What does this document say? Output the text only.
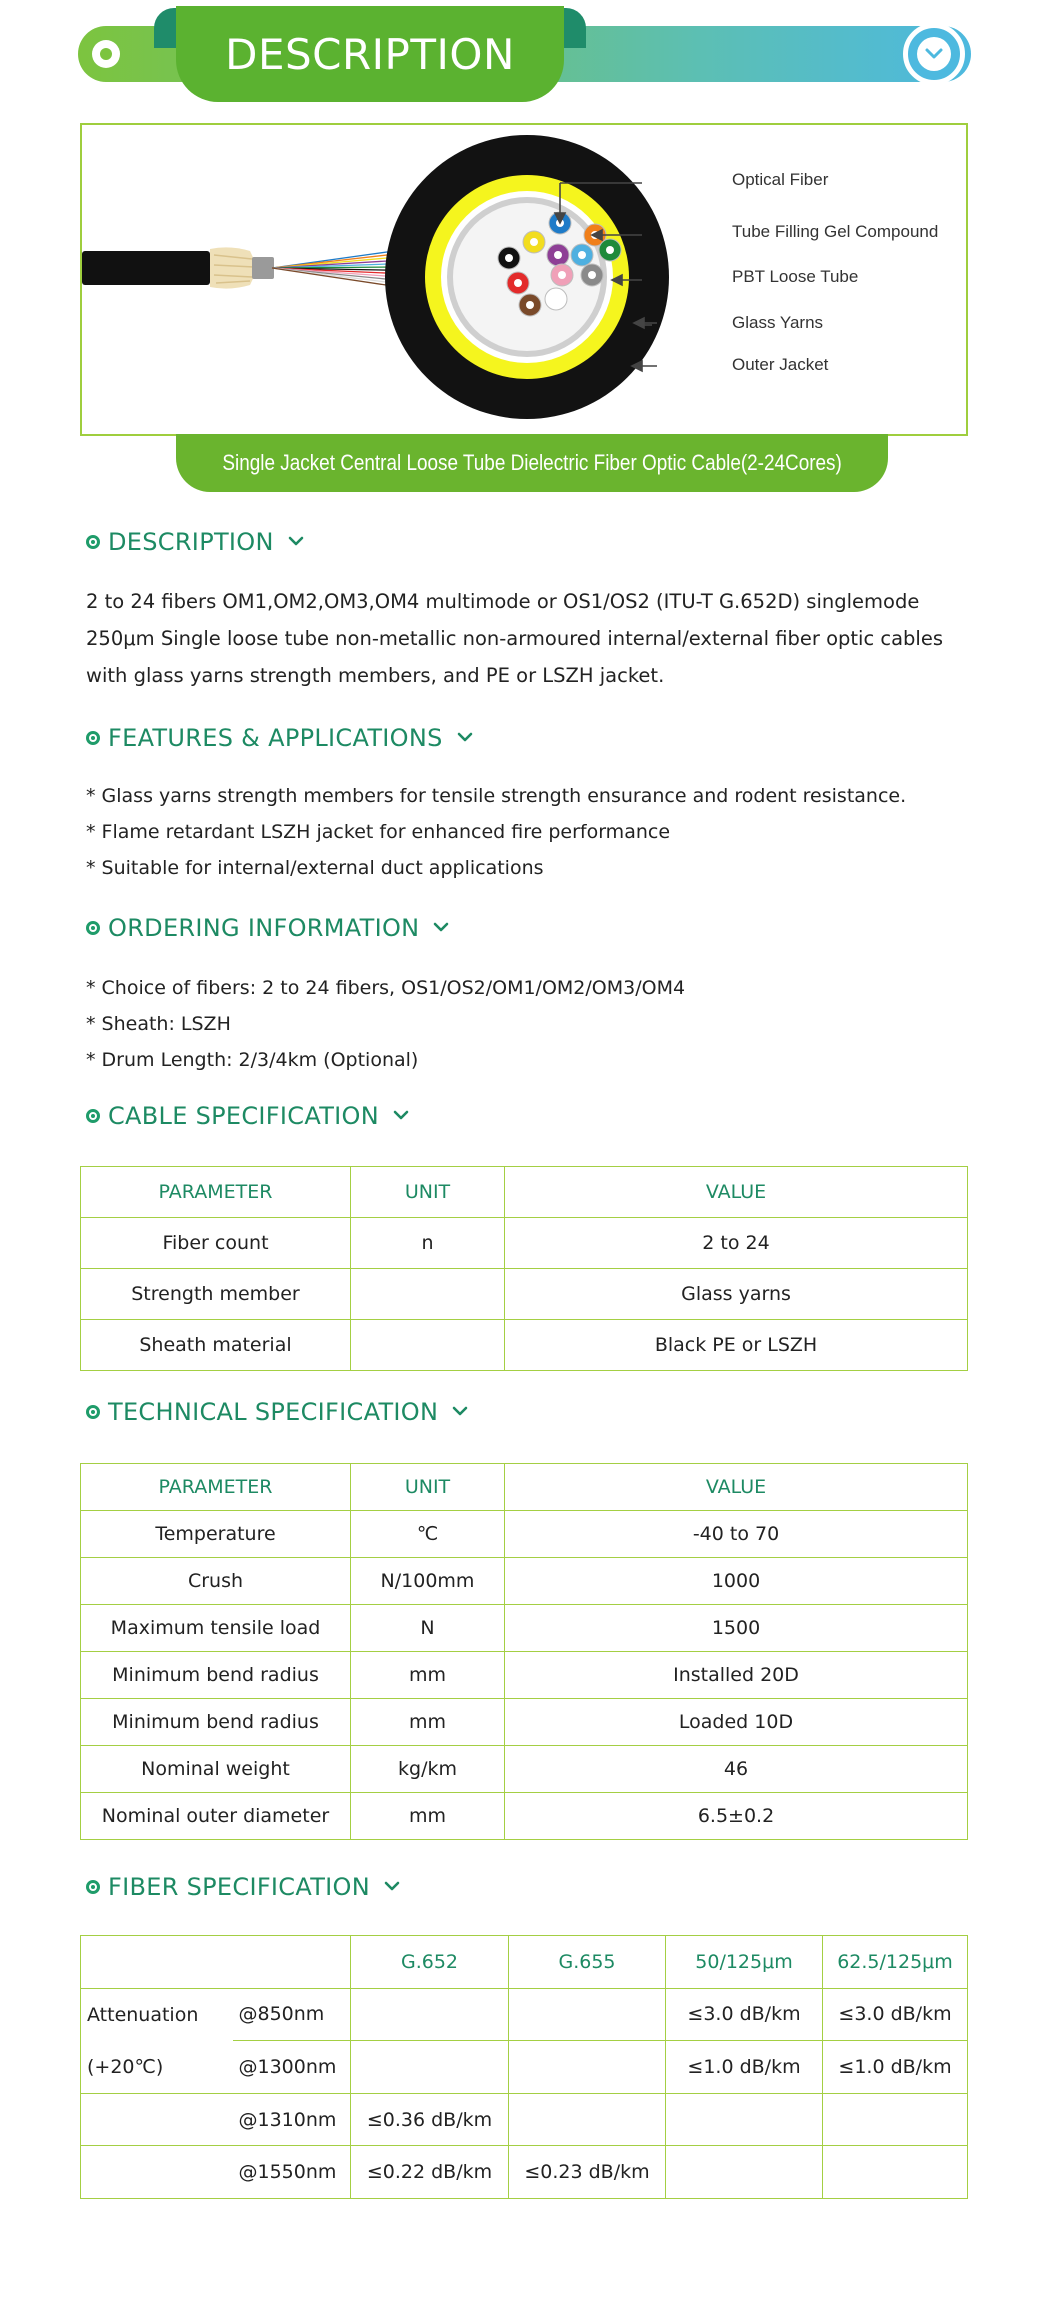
DESCRIPTION
Optical Fiber
Tube Filling Gel Compound
PBT Loose Tube
Glass Yarns
Outer Jacket
Single Jacket Central Loose Tube Dielectric Fiber Optic Cable(2-24Cores)
DESCRIPTION

2 to 24 fibers OM1,OM2,OM3,OM4 multimode or OS1/OS2 (ITU-T G.652D) singlemode 250μm Single loose tube non-metallic non-armoured internal/external fiber optic cables with glass yarns strength members, and PE or LSZH jacket.

FEATURES & APPLICATIONS
* Glass yarns strength members for tensile strength ensurance and rodent resistance.
* Flame retardant LSZH jacket for enhanced fire performance
* Suitable for internal/external duct applications
ORDERING INFORMATION
* Choice of fibers: 2 to 24 fibers, OS1/OS2/OM1/OM2/OM3/OM4
* Sheath: LSZH
* Drum Length: 2/3/4km (Optional)
CABLE SPECIFICATION
PARAMETER	UNIT	VALUE
Fiber count	n	2 to 24
Strength member		Glass yarns
Sheath material		Black PE or LSZH
TECHNICAL SPECIFICATION
PARAMETER	UNIT	VALUE
Temperature	℃	-40 to 70
Crush	N/100mm	1000
Maximum tensile load	N	1500
Minimum bend radius	mm	Installed 20D
Minimum bend radius	mm	Loaded 10D
Nominal weight	kg/km	46
Nominal outer diameter	mm	6.5±0.2
FIBER SPECIFICATION
		G.652	G.655	50/125μm	62.5/125μm
Attenuation	@850nm			≤3.0 dB/km	≤3.0 dB/km
(+20℃)	@1300nm			≤1.0 dB/km	≤1.0 dB/km
	@1310nm	≤0.36 dB/km			
	@1550nm	≤0.22 dB/km	≤0.23 dB/km		
